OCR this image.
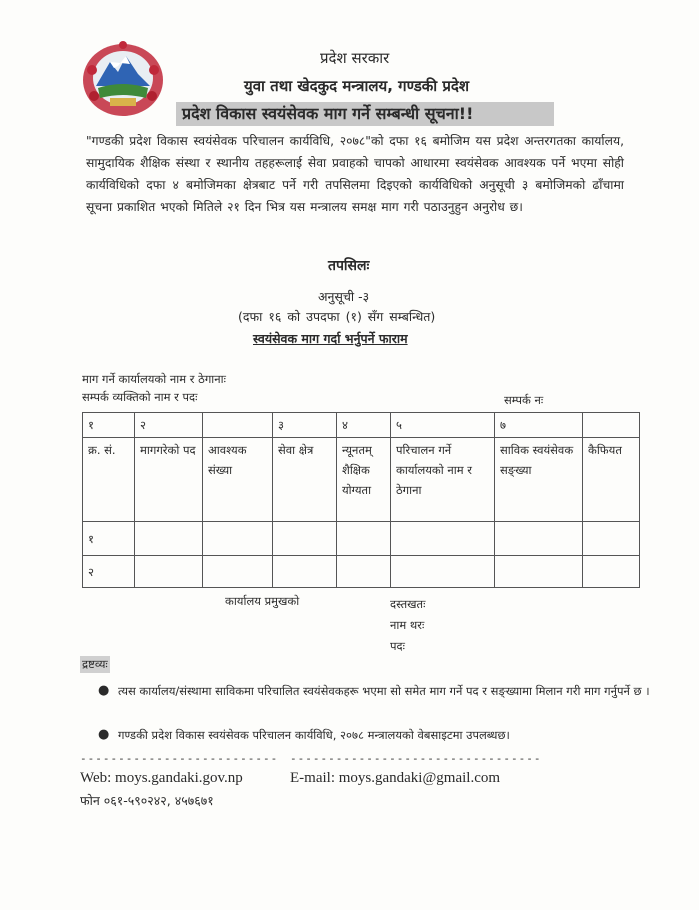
प्रदेश सरकार
युवा तथा खेदकुद मन्त्रालय, गण्डकी प्रदेश
प्रदेश विकास स्वयंसेवक माग गर्ने सम्बन्धी सूचना!!
"गण्डकी प्रदेश विकास स्वयंसेवक परिचालन कार्यविधि, २०७८"को दफा १६ बमोजिम यस प्रदेश अन्तरगतका कार्यालय, सामुदायिक शैक्षिक संस्था र स्थानीय तहहरूलाई सेवा प्रवाहको चापको आधारमा स्वयंसेवक आवश्यक पर्ने भएमा सोही कार्यविधिको दफा ४ बमोजिमका क्षेत्रबाट पर्ने गरी तपसिलमा दिइएको कार्यविधिको अनुसूची ३ बमोजिमको ढाँचामा सूचना प्रकाशित भएको मितिले २१ दिन भित्र यस मन्त्रालय समक्ष माग गरी पठाउनुहुन अनुरोध छ।
तपसिलः
अनुसूची -३
(दफा १६ को उपदफा (१) सँग सम्बन्धित)
स्वयंसेवक माग गर्दा भर्नुपर्ने फाराम
माग गर्ने कार्यालयको नाम र ठेगानाः
सम्पर्क व्यक्तिको नाम र पदः	सम्पर्क नः
१	२		३	४	५	७	
क्र. सं.	मागगरेको पद	आवश्यक संख्या	सेवा क्षेत्र	न्यूनतम् शैक्षिक योग्यता	परिचालन गर्ने कार्यालयको नाम र ठेगाना	साविक स्वयंसेवक सङ्ख्या	कैफियत
१							
२							
कार्यालय प्रमुखको	दस्तखतः
नाम थरः
पदः
द्रष्टव्यः
● त्यस कार्यालय/संस्थामा साविकमा परिचालित स्वयंसेवकहरू भएमा सो समेत माग गर्ने पद र सङ्ख्यामा मिलान गरी माग गर्नुपर्ने छ ।
● गण्डकी प्रदेश विकास स्वयंसेवक परिचालन कार्यविधि, २०७८ मन्त्रालयको वेबसाइटमा उपलब्धछ।
-------------------------- ---------------------------------
Web: moys.gandaki.gov.np	E-mail: moys.gandaki@gmail.com
फोन ०६१-५९०२४२, ४५७६७१
